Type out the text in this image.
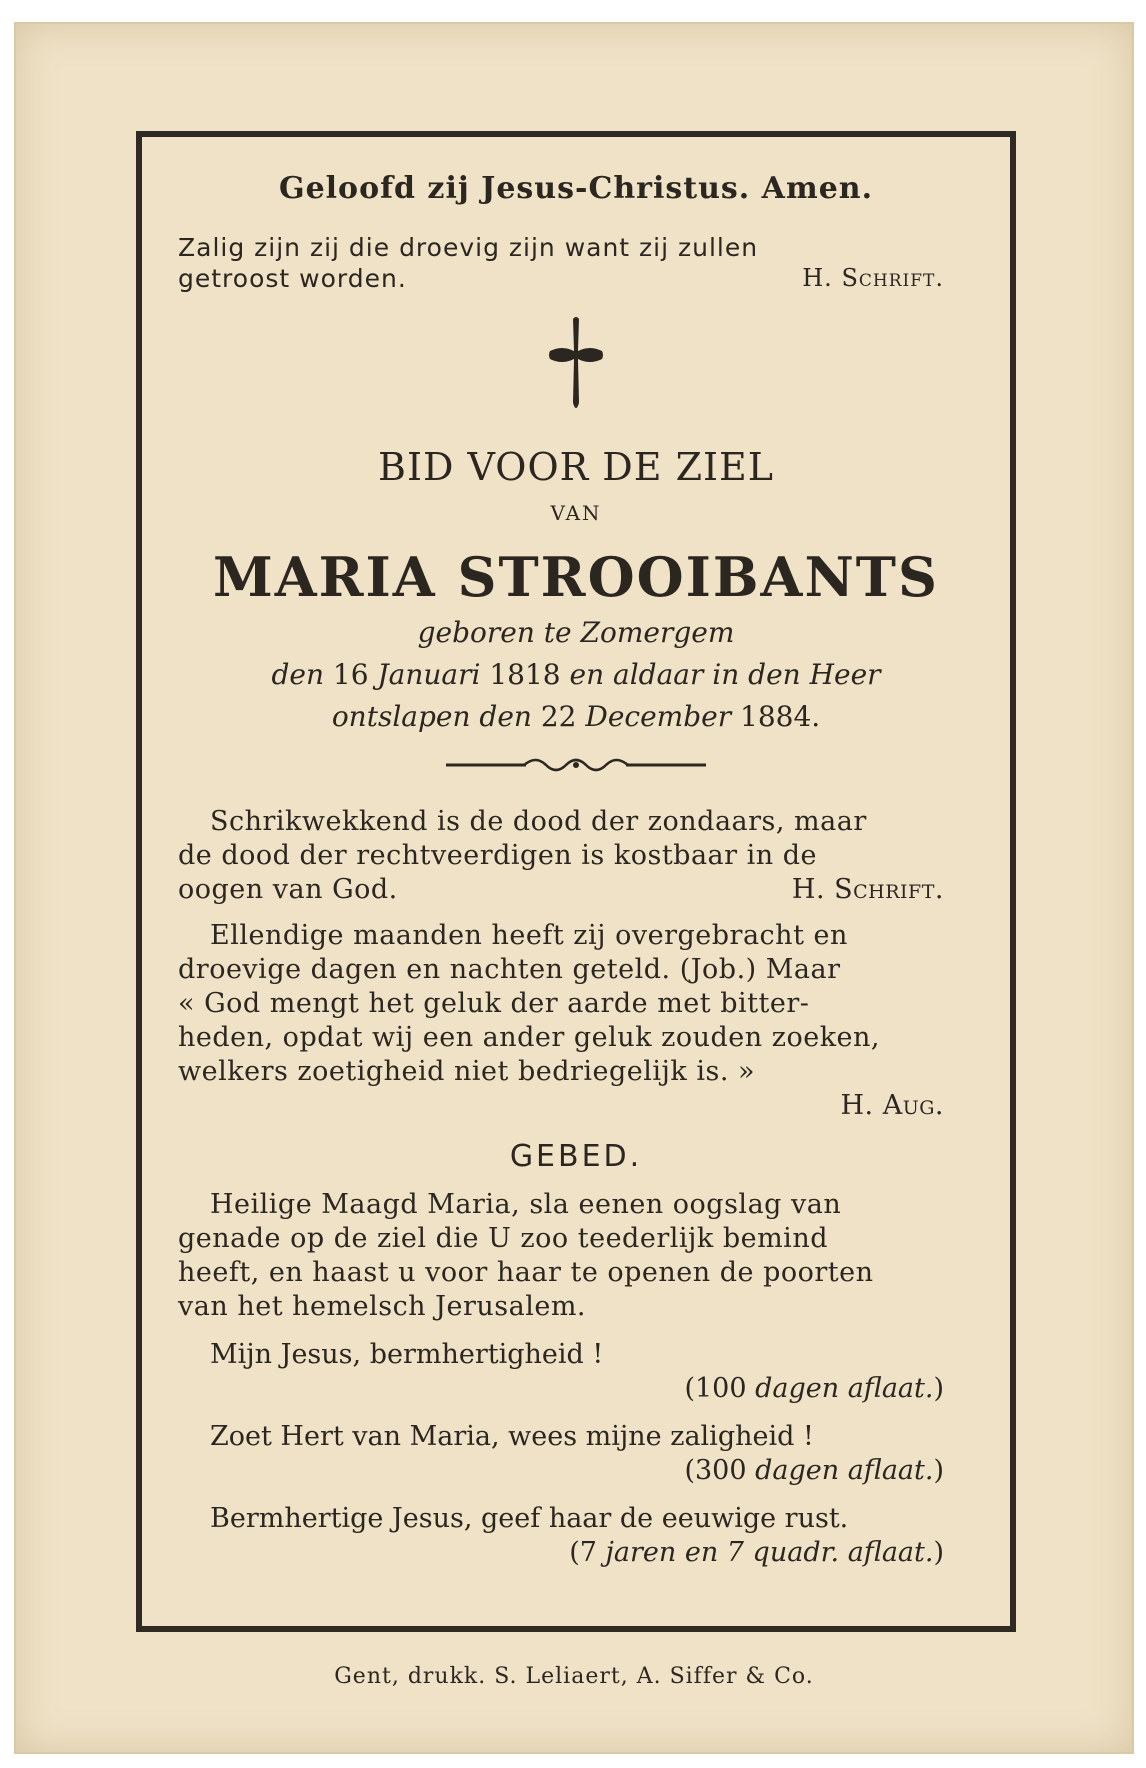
Geloofd zij Jesus-Christus. Amen.
Zalig zijn zij die droevig zijn want zij zullen
getroost worden.	H. Schrift.
BID VOOR DE ZIEL
VAN
MARIA STROOIBANTS
geboren te Zomergem
den 16 Januari 1818 en aldaar in den Heer
ontslapen den 22 December 1884.
Schrikwekkend is de dood der zondaars, maar
de dood der rechtveerdigen is kostbaar in de
oogen van God.	H. Schrift.
Ellendige maanden heeft zij overgebracht en
droevige dagen en nachten geteld. (Job.) Maar
« God mengt het geluk der aarde met bitter-
heden, opdat wij een ander geluk zouden zoeken,
welkers zoetigheid niet bedriegelijk is. »
H. Aug.
GEBED.
Heilige Maagd Maria, sla eenen oogslag van
genade op de ziel die U zoo teederlijk bemind
heeft, en haast u voor haar te openen de poorten
van het hemelsch Jerusalem.
Mijn Jesus, bermhertigheid !
(100 dagen aflaat.)
Zoet Hert van Maria, wees mijne zaligheid !
(300 dagen aflaat.)
Bermhertige Jesus, geef haar de eeuwige rust.
(7 jaren en 7 quadr. aflaat.)
Gent, drukk. S. Leliaert, A. Siffer & Co.
